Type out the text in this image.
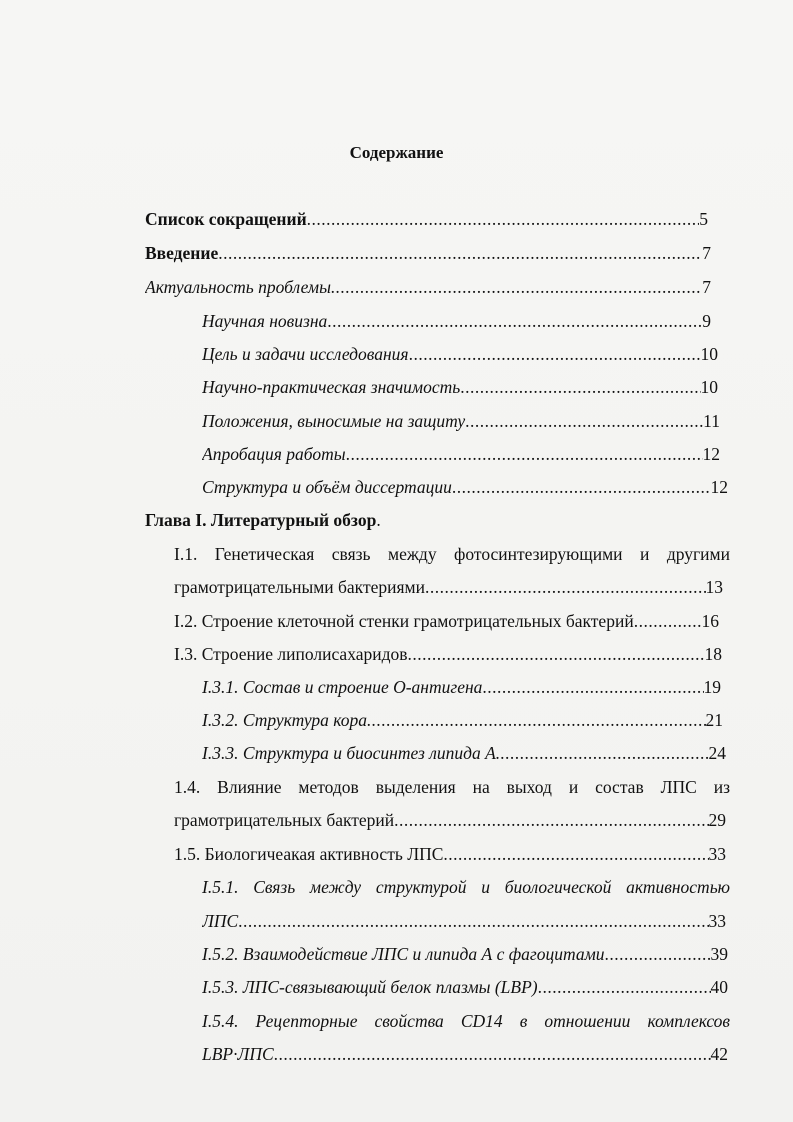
Содержание
Список сокращений .....	5
Введение .....	7
Актуальность проблемы. .....	7
Научная новизна .....	9
Цель и задачи исследования .....	10
Научно-практическая значимость .....	10
Положения, выносимые на защиту .....	11
Апробация работы .....	12
Структура и объём диссертации .....	12
Глава I. Литературный обзор.
I.1. Генетическая связь между фотосинтезирующими и другими
грамотрицательными бактериями .....	13
I.2. Строение клеточной стенки грамотрицательных бактерий .....	16
I.3. Строение липолисахаридов .....	18
I.3.1. Состав и строение О-антигена .....	19
I.3.2. Структура кора. .....	21
I.3.3. Структура и биосинтез липида А. .....	24
1.4. Влияние методов выделения на выход и состав ЛПС из
грамотрицательных бактерий .....	29
1.5. Биологичеакая активность ЛПС .....	33
I.5.1. Связь между структурой и биологической активностью
ЛПС .....	33
I.5.2. Взаимодействие ЛПС и липида А с фагоцитами .....	39
I.5.3. ЛПС-связывающий белок плазмы (LBP) .....	40
I.5.4. Рецепторные свойства CD14 в отношении комплексов
LBP·ЛПС .....	42
